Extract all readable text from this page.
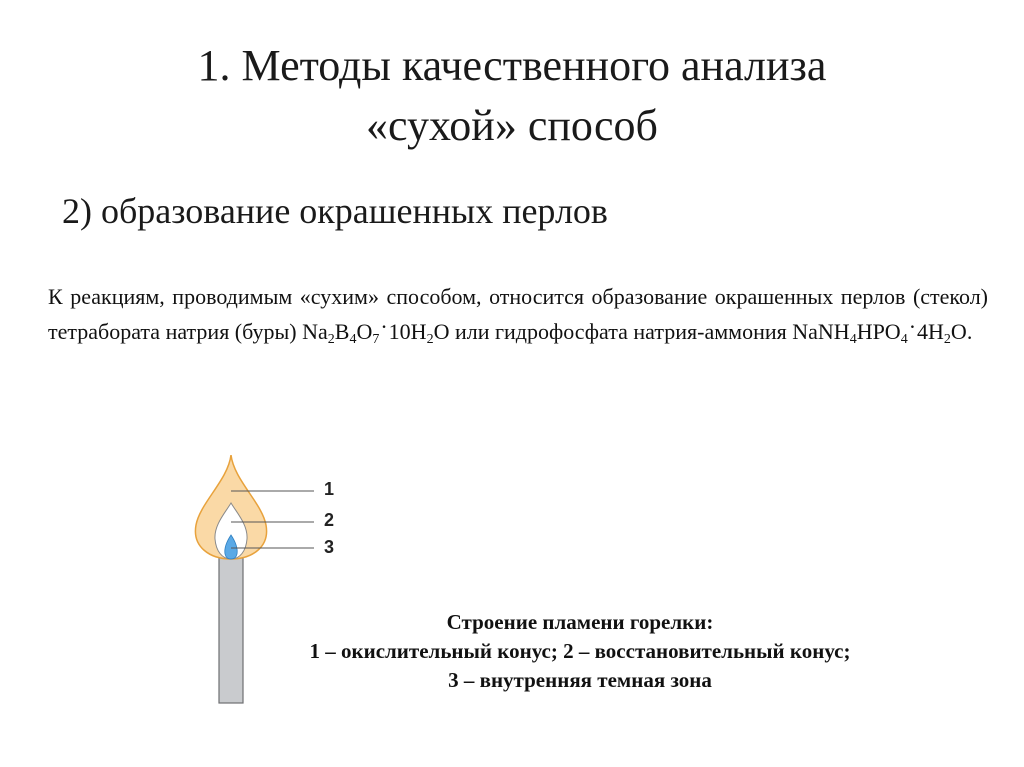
1. Методы качественного анализа
«сухой» способ
2) образование окрашенных перлов
К реакциям, проводимым «сухим» способом, относится образование окрашенных перлов (стекол) тетрабората натрия (буры) $Na_2B_4O_7\cdot 10H_2O$ или гидрофосфата натрия-аммония $NaNH_4HPO_4\cdot 4H_2O$.
1
2
3
Строение пламени горелки:
1 – окислительный конус; 2 – восстановительный конус;
3 – внутренняя темная зона
